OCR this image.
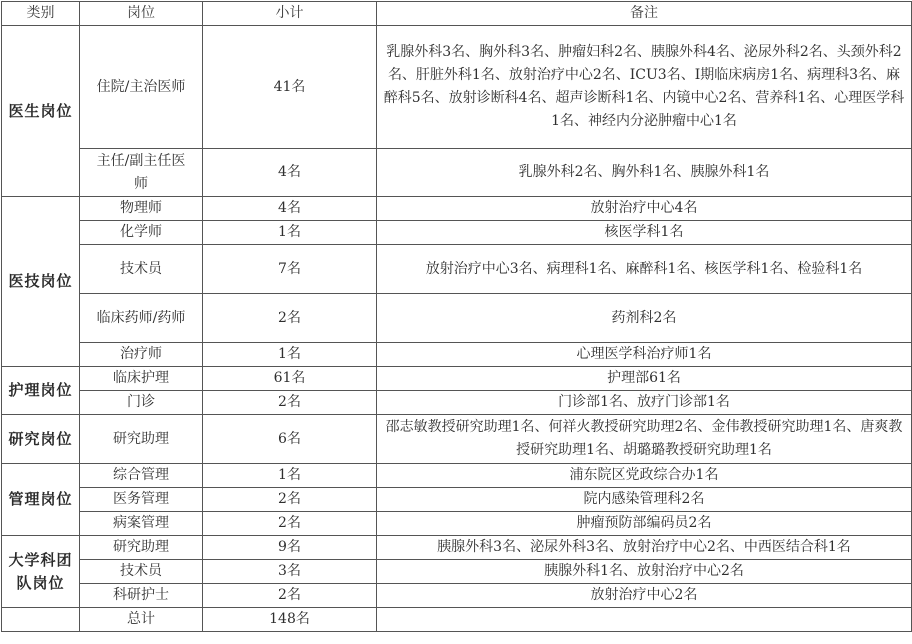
类别	岗位	小计	备注
医生岗位	住院/主治医师	41名	乳腺外科3名、胸外科3名、肿瘤妇科2名、胰腺外科4名、泌尿外科2名、头颈外科2名、肝脏外科1名、放射治疗中心2名、ICU3名、I期临床病房1名、病理科3名、麻醉科5名、放射诊断科4名、超声诊断科1名、内镜中心2名、营养科1名、心理医学科1名、神经内分泌肿瘤中心1名
	主任/副主任医师	4名	乳腺外科2名、胸外科1名、胰腺外科1名
医技岗位	物理师	4名	放射治疗中心4名
	化学师	1名	核医学科1名
	技术员	7名	放射治疗中心3名、病理科1名、麻醉科1名、核医学科1名、检验科1名
	临床药师/药师	2名	药剂科2名
	治疗师	1名	心理医学科治疗师1名
护理岗位	临床护理	61名	护理部61名
	门诊	2名	门诊部1名、放疗门诊部1名
研究岗位	研究助理	6名	邵志敏教授研究助理1名、何祥火教授研究助理2名、金伟教授研究助理1名、唐爽教授研究助理1名、胡璐璐教授研究助理1名
管理岗位	综合管理	1名	浦东院区党政综合办1名
	医务管理	2名	院内感染管理科2名
	病案管理	2名	肿瘤预防部编码员2名
大学科团队岗位	研究助理	9名	胰腺外科3名、泌尿外科3名、放射治疗中心2名、中西医结合科1名
	技术员	3名	胰腺外科1名、放射治疗中心2名
	科研护士	2名	放射治疗中心2名
	总计	148名	
